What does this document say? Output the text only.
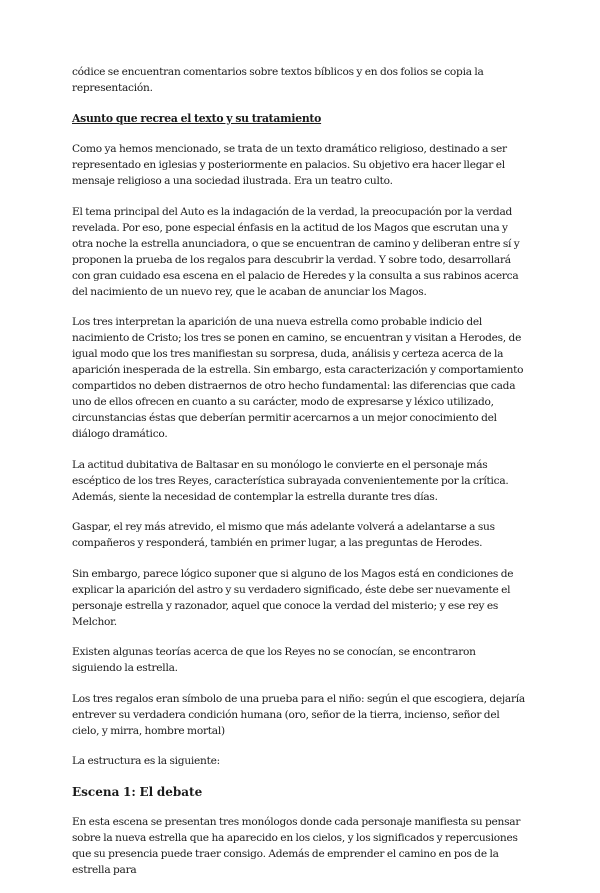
códice se encuentran comentarios sobre textos bíblicos y en dos folios se copia la representación.

Asunto que recrea el texto y su tratamiento

Como ya hemos mencionado, se trata de un texto dramático religioso, destinado a ser representado en iglesias y posteriormente en palacios. Su objetivo era hacer llegar el mensaje religioso a una sociedad ilustrada. Era un teatro culto.

El tema principal del Auto es la indagación de la verdad, la preocupación por la verdad revelada. Por eso, pone especial énfasis en la actitud de los Magos que escrutan una y otra noche la estrella anunciadora, o que se encuentran de camino y deliberan entre sí y proponen la prueba de los regalos para descubrir la verdad. Y sobre todo, desarrollará con gran cuidado esa escena en el palacio de Heredes y la consulta a sus rabinos acerca del nacimiento de un nuevo rey, que le acaban de anunciar los Magos.

Los tres interpretan la aparición de una nueva estrella como probable indicio del nacimiento de Cristo; los tres se ponen en camino, se encuentran y visitan a Herodes, de igual modo que los tres manifiestan su sorpresa, duda, análisis y certeza acerca de la aparición inesperada de la estrella. Sin embargo, esta caracterización y comportamiento compartidos no deben distraernos de otro hecho fundamental: las diferencias que cada uno de ellos ofrecen en cuanto a su carácter, modo de expresarse y léxico utilizado, circunstancias éstas que deberían permitir acercarnos a un mejor conocimiento del diálogo dramático.

La actitud dubitativa de Baltasar en su monólogo le convierte en el personaje más escéptico de los tres Reyes, característica subrayada convenientemente por la crítica. Además, siente la necesidad de contemplar la estrella durante tres días.

Gaspar, el rey más atrevido, el mismo que más adelante volverá a adelantarse a sus compañeros y responderá, también en primer lugar, a las preguntas de Herodes.

Sin embargo, parece lógico suponer que si alguno de los Magos está en condiciones de explicar la aparición del astro y su verdadero significado, éste debe ser nuevamente el personaje estrella y razonador, aquel que conoce la verdad del misterio; y ese rey es Melchor.

Existen algunas teorías acerca de que los Reyes no se conocían, se encontraron siguiendo la estrella.

Los tres regalos eran símbolo de una prueba para el niño: según el que escogiera, dejaría entrever su verdadera condición humana (oro, señor de la tierra, incienso, señor del cielo, y mirra, hombre mortal)

La estructura es la siguiente:

Escena 1: El debate

En esta escena se presentan tres monólogos donde cada personaje manifiesta su pensar sobre la nueva estrella que ha aparecido en los cielos, y los significados y repercusiones que su presencia puede traer consigo. Además de emprender el camino en pos de la estrella para
